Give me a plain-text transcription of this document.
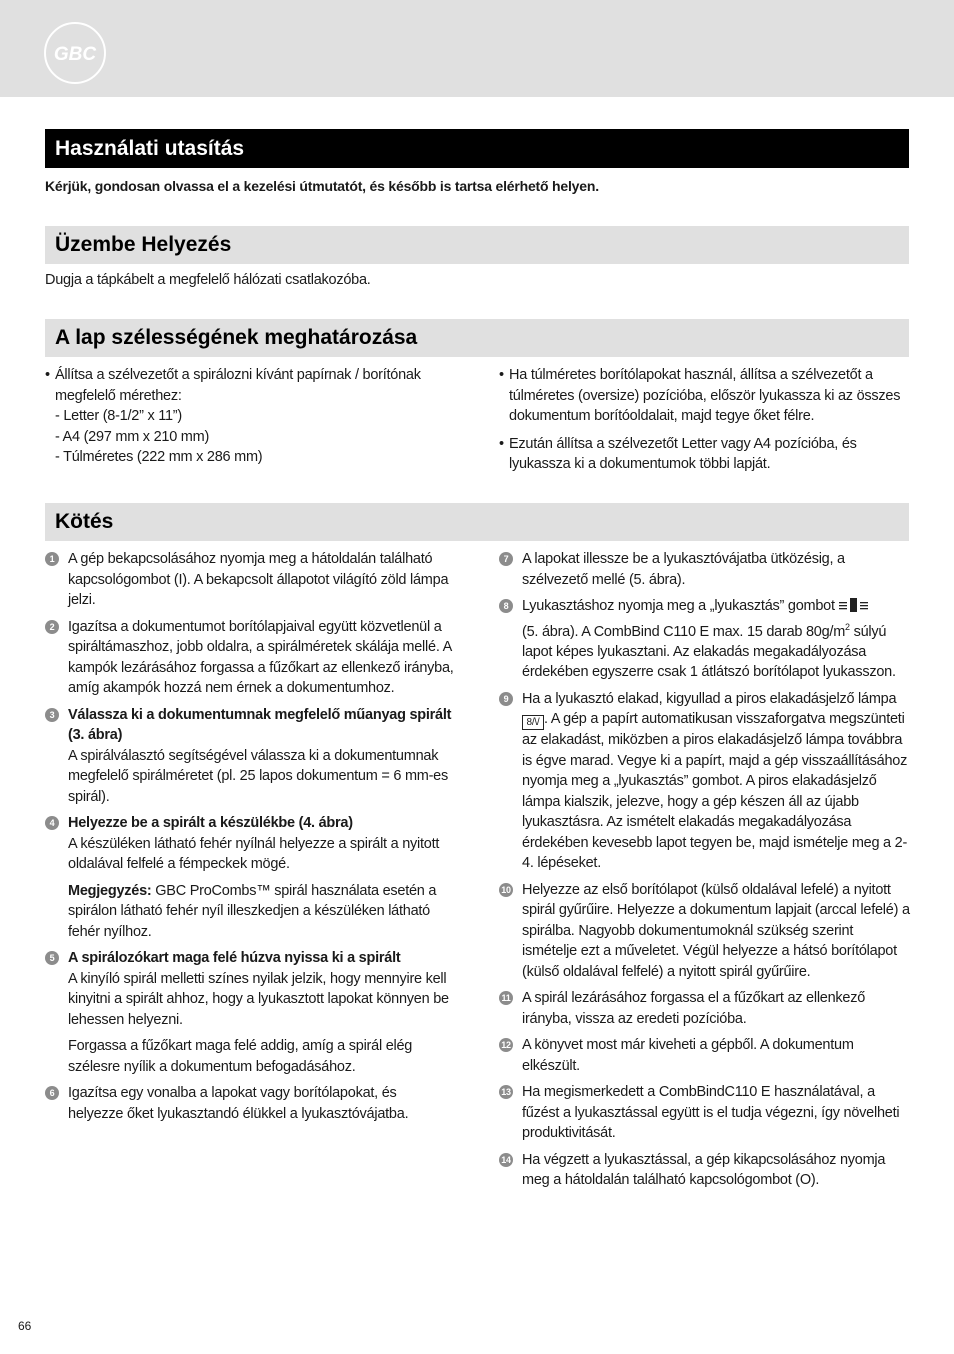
GBC
Használati utasítás
Kérjük, gondosan olvassa el a kezelési útmutatót, és később is tartsa elérhető helyen.
Üzembe Helyezés
Dugja a tápkábelt a megfelelő hálózati csatlakozóba.
A lap szélességének meghatározása
• Állítsa a szélvezetőt a spirálozni kívánt papírnak / borítónak megfelelő mérethez:
- Letter (8-1/2” x 11”)
- A4 (297 mm x 210 mm)
- Túlméretes (222 mm x 286 mm)
• Ha túlméretes borítólapokat használ, állítsa a szélvezetőt a túlméretes (oversize) pozícióba, először lyukassza ki az összes dokumentum borítóoldalait, majd tegye őket félre.
• Ezután állítsa a szélvezetőt Letter vagy A4 pozícióba, és lyukassza ki a dokumentumok többi lapját.
Kötés
1 A gép bekapcsolásához nyomja meg a hátoldalán található kapcsológombot (I). A bekapcsolt állapotot világító zöld lámpa jelzi.

2 Igazítsa a dokumentumot borítólapjaival együtt közvetlenül a spiráltámaszhoz, jobb oldalra, a spirálméretek skálája mellé. A kampók lezárásához forgassa a fűzőkart az ellenkező irányba, amíg akampók hozzá nem érnek a dokumentumhoz.

3 Válassza ki a dokumentumnak megfelelő műanyag spirált (3. ábra)
A spirálválasztó segítségével válassza ki a dokumentumnak megfelelő spirálméretet (pl. 25 lapos dokumentum = 6 mm-es spirál).

4 Helyezze be a spirált a készülékbe (4. ábra)
A készüléken látható fehér nyílnál helyezze a spirált a nyitott oldalával felfelé a fémpeckek mögé.

Megjegyzés: GBC ProCombs™ spirál használata esetén a spirálon látható fehér nyíl illeszkedjen a készüléken látható fehér nyílhoz.

5 A spirálozókart maga felé húzva nyissa ki a spirált
A kinyíló spirál melletti színes nyilak jelzik, hogy mennyire kell kinyitni a spirált ahhoz, hogy a lyukasztott lapokat könnyen be lehessen helyezni.

Forgassa a fűzőkart maga felé addig, amíg a spirál elég szélesre nyílik a dokumentum befogadásához.

6 Igazítsa egy vonalba a lapokat vagy borítólapokat, és helyezze őket lyukasztandó élükkel a lyukasztóvájatba.

7 A lapokat illessze be a lyukasztóvájatba ütközésig, a szélvezető mellé (5. ábra).

8 Lyukasztáshoz nyomja meg a „lyukasztás” gombot
(5. ábra). A CombBind C110 E max. 15 darab $80g/m^2$ súlyú lapot képes lyukasztani. Az elakadás megakadályozása érdekében egyszerre csak 1 átlátszó borítólapot lyukasszon.

9 Ha a lyukasztó elakad, kigyullad a piros elakadásjelző lámpa 8/\/ . A gép a papírt automatikusan visszaforgatva megszünteti az elakadást, miközben a piros elakadásjelző lámpa továbbra is égve marad. Vegye ki a papírt, majd a gép visszaállításához nyomja meg a „lyukasztás” gombot. A piros elakadásjelző lámpa kialszik, jelezve, hogy a gép készen áll az újabb lyukasztásra. Az ismételt elakadás megakadályozása érdekében kevesebb lapot tegyen be, majd ismételje meg a 2-4. lépéseket.

10 Helyezze az első borítólapot (külső oldalával lefelé) a nyitott spirál gyűrűire. Helyezze a dokumentum lapjait (arccal lefelé) a spirálba. Nagyobb dokumentumoknál szükség szerint ismételje ezt a műveletet. Végül helyezze a hátsó borítólapot (külső oldalával felfelé) a nyitott spirál gyűrűire.

11 A spirál lezárásához forgassa el a fűzőkart az ellenkező irányba, vissza az eredeti pozícióba.

12 A könyvet most már kiveheti a gépből. A dokumentum elkészült.

13 Ha megismerkedett a CombBindC110 E használatával, a fűzést a lyukasztással együtt is el tudja végezni, így növelheti produktivitását.

14 Ha végzett a lyukasztással, a gép kikapcsolásához nyomja meg a hátoldalán található kapcsológombot (O).

66
